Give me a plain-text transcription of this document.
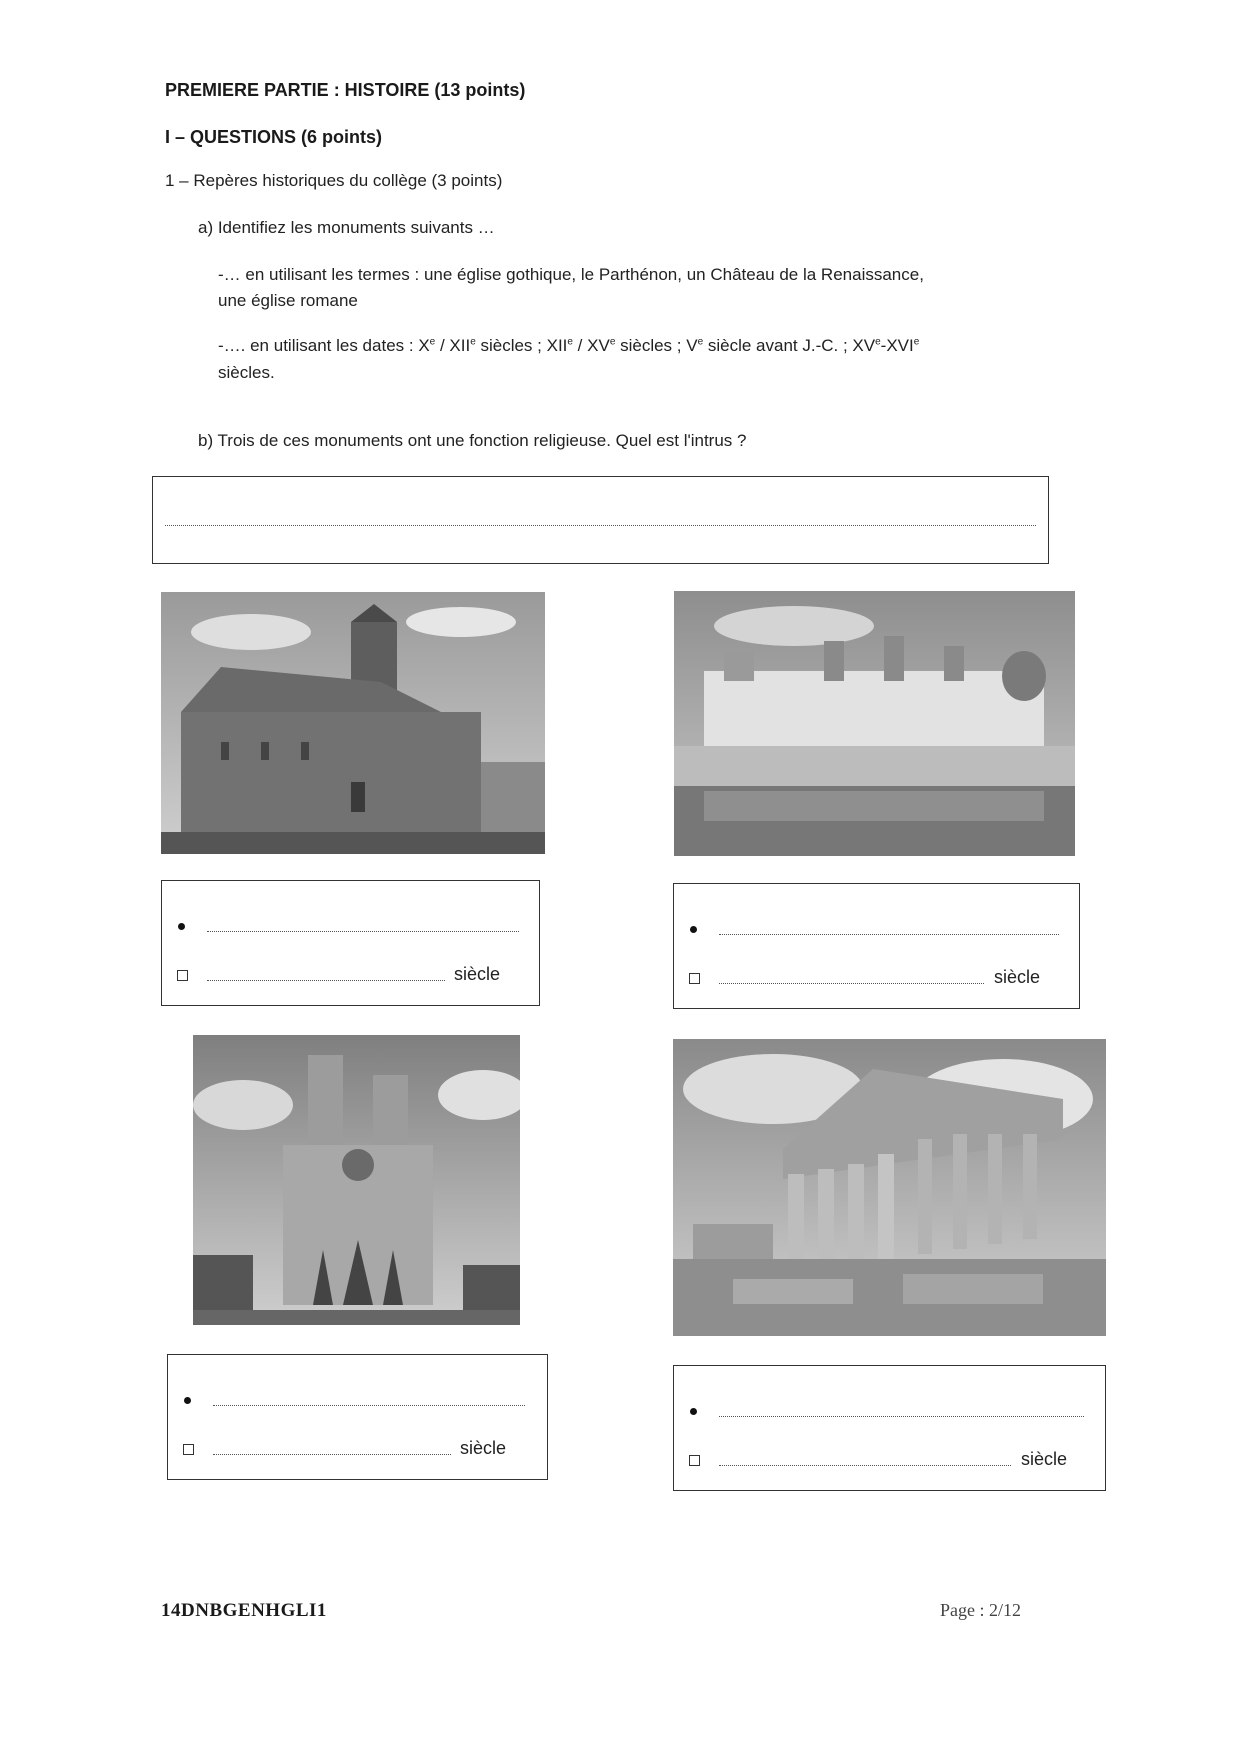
PREMIERE PARTIE : HISTOIRE (13 points)
I – QUESTIONS (6 points)
1 – Repères historiques du collège (3 points)
a) Identifiez les monuments suivants …
-… en utilisant les termes : une église gothique, le Parthénon, un Château de la Renaissance,
une église romane
-…. en utilisant les dates : Xe / XIIe siècles ; XIIe / XVe siècles ; Ve siècle avant J.-C. ; XVe-XVIe
siècles.
b) Trois de ces monuments ont une fonction religieuse. Quel est l'intrus ?
siècle	siècle
siècle
siècle
14DNBGENHGLI1	Page : 2/12
